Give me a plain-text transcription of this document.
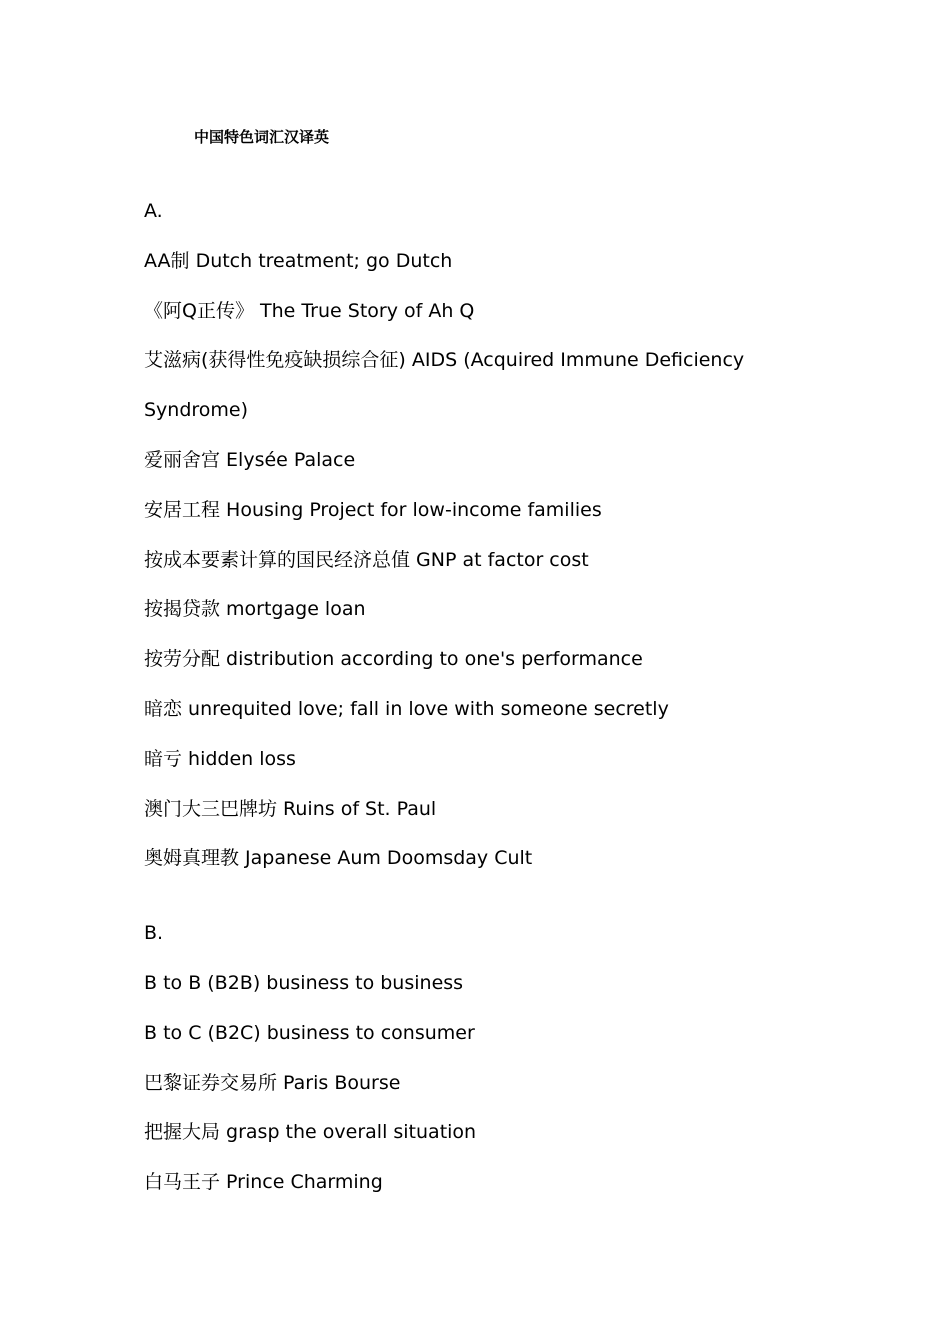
中国特色词汇汉译英
A.
AA制 Dutch treatment; go Dutch
《阿Q正传》 The True Story of Ah Q
艾滋病(获得性免疫缺损综合征) AIDS (Acquired Immune Deficiency
Syndrome)
爱丽舍宫 Elysée Palace
安居工程 Housing Project for low-income families
按成本要素计算的国民经济总值 GNP at factor cost
按揭贷款 mortgage loan
按劳分配 distribution according to one's performance
暗恋 unrequited love; fall in love with someone secretly
暗亏 hidden loss
澳门大三巴牌坊 Ruins of St. Paul
奥姆真理教 Japanese Aum Doomsday Cult
B.
B to B (B2B) business to business
B to C (B2C) business to consumer
巴黎证券交易所 Paris Bourse
把握大局 grasp the overall situation
白马王子 Prince Charming
